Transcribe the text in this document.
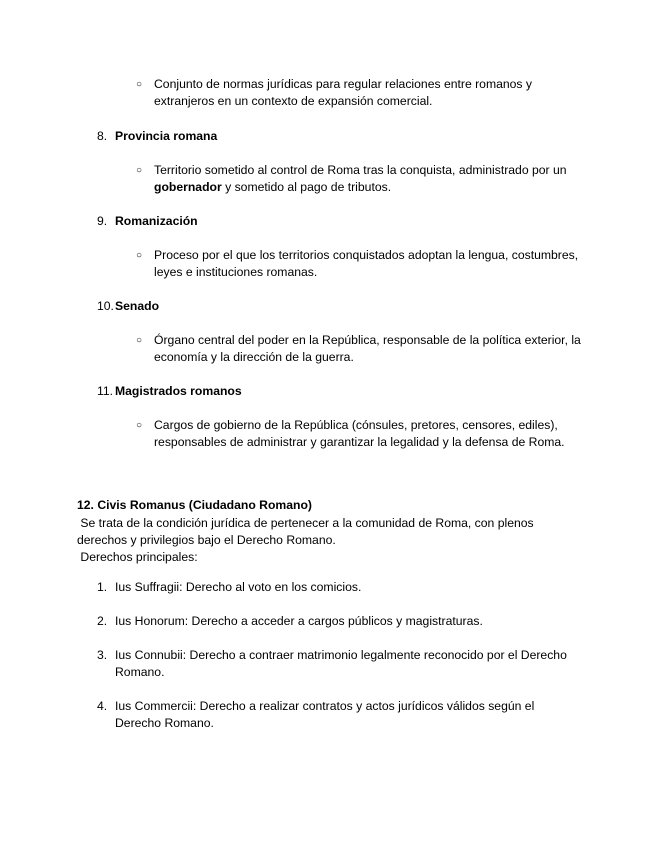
○ Conjunto de normas jurídicas para regular relaciones entre romanos y extranjeros en un contexto de expansión comercial.
8. Provincia romana
○ Territorio sometido al control de Roma tras la conquista, administrado por un gobernador y sometido al pago de tributos.
9. Romanización
○ Proceso por el que los territorios conquistados adoptan la lengua, costumbres, leyes e instituciones romanas.
10.Senado
○ Órgano central del poder en la República, responsable de la política exterior, la economía y la dirección de la guerra.
11. Magistrados romanos
○ Cargos de gobierno de la República (cónsules, pretores, censores, ediles), responsables de administrar y garantizar la legalidad y la defensa de Roma.
12. Civis Romanus (Ciudadano Romano)
Se trata de la condición jurídica de pertenecer a la comunidad de Roma, con plenos
derechos y privilegios bajo el Derecho Romano.
Derechos principales:
1. Ius Suffragii: Derecho al voto en los comicios.
2. Ius Honorum: Derecho a acceder a cargos públicos y magistraturas.
3. Ius Connubii: Derecho a contraer matrimonio legalmente reconocido por el Derecho Romano.
4. Ius Commercii: Derecho a realizar contratos y actos jurídicos válidos según el Derecho Romano.
